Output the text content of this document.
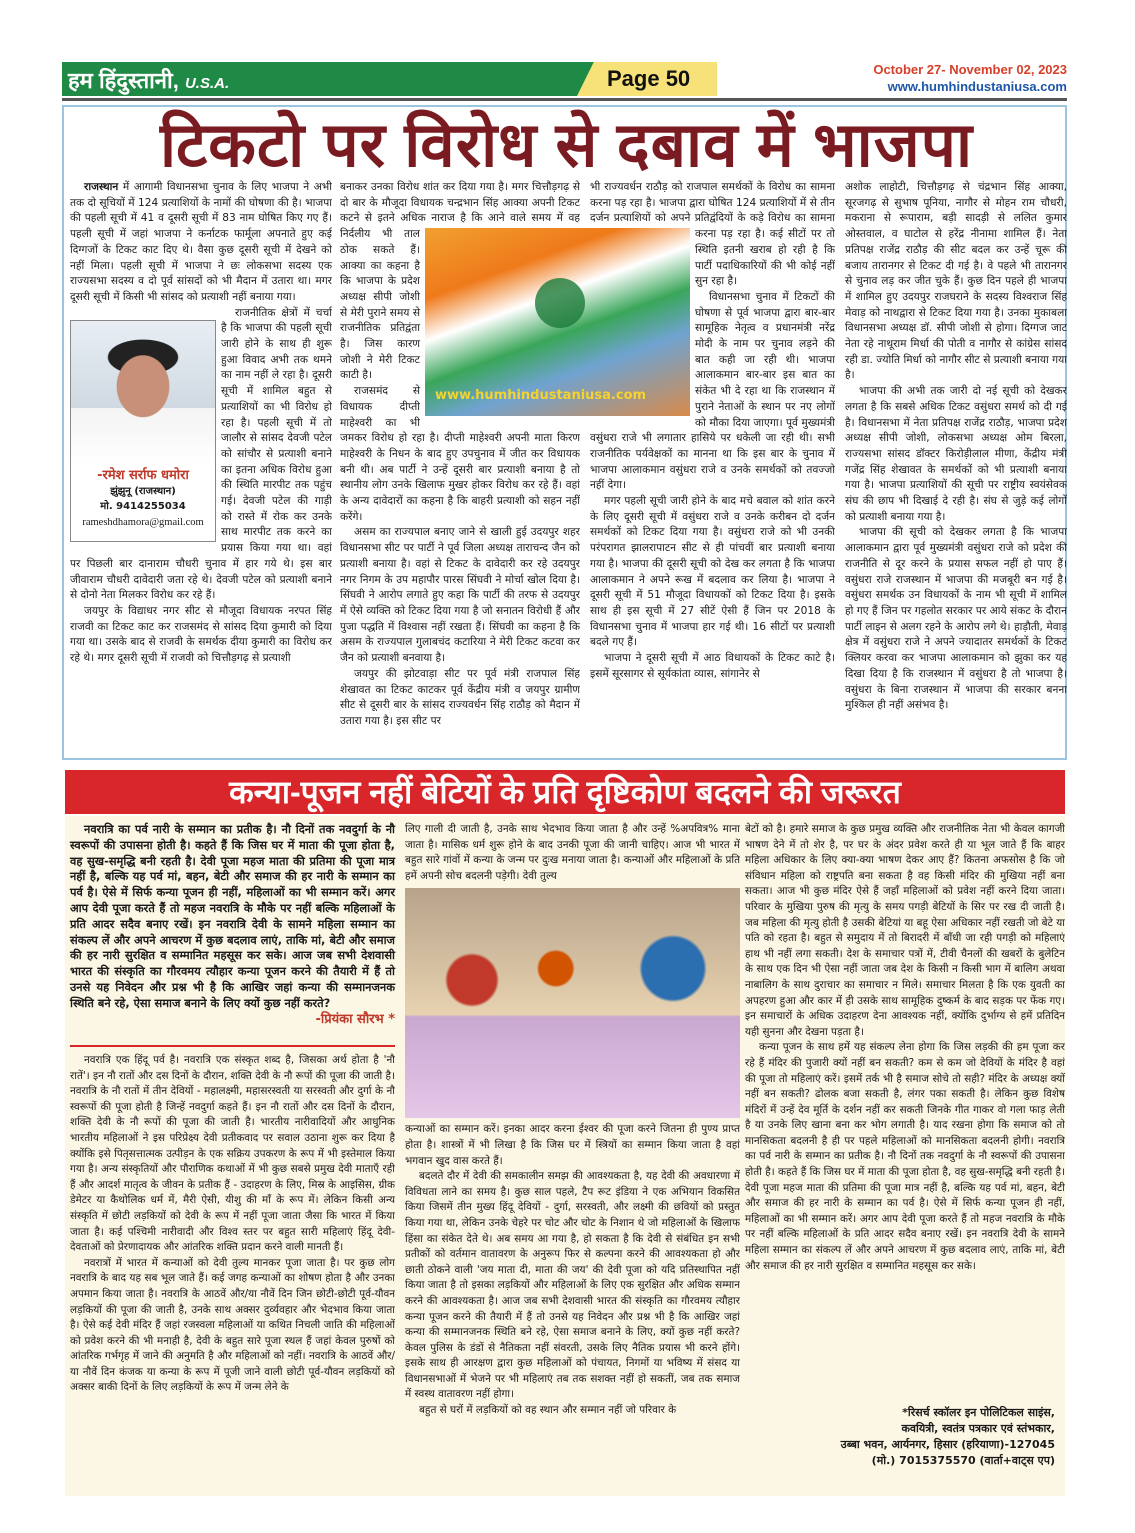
हम हिंदुस्तानी, U.S.A.	Page 50	October 27- November 02, 2023
www.humhindustaniusa.com
टिकटो पर विरोध से दबाव में भाजपा
-रमेश सर्राफ धमोरा
झुंझुनू (राजस्थान)
मो. 9414255034
rameshdhamora@gmail.com

राजस्थान में आगामी विधानसभा चुनाव के लिए भाजपा ने अभी तक दो सूचियों में 124 प्रत्याशियों के नामों की घोषणा की है। भाजपा की पहली सूची में 41 व दूसरी सूची में 83 नाम घोषित किए गए हैं। पहली सूची में जहां भाजपा ने कर्नाटक फार्मूला अपनाते हुए कई दिग्गजों के टिकट काट दिए थे। वैसा कुछ दूसरी सूची में देखने को नहीं मिला। पहली सूची में भाजपा ने छः लोकसभा सदस्य एक राज्यसभा सदस्य व दो पूर्व सांसदों को भी मैदान में उतारा था। मगर दूसरी सूची में किसी भी सांसद को प्रत्याशी नहीं बनाया गया।

राजनीतिक क्षेत्रों में चर्चा है कि भाजपा की पहली सूची जारी होने के साथ ही शुरू हुआ विवाद अभी तक थमने का नाम नहीं ले रहा है। दूसरी सूची में शामिल बहुत से प्रत्याशियों का भी विरोध हो रहा है। पहली सूची में तो जालौर से सांसद देवजी पटेल को सांचौर से प्रत्याशी बनाने का इतना अधिक विरोध हुआ की स्थिति मारपीट तक पहुंच गई। देवजी पटेल की गाड़ी को रास्ते में रोक कर उनके साथ मारपीट तक करने का प्रयास किया गया था। वहां पर पिछली बार दानाराम चौधरी चुनाव में हार गये थे। इस बार जीवाराम चौधरी दावेदारी जता रहे थे। देवजी पटेल को प्रत्याशी बनाने से दोनो नेता मिलकर विरोध कर रहे हैं।

जयपुर के विद्याधर नगर सीट से मौजूदा विधायक नरपत सिंह राजवी का टिकट काट कर राजसमंद से सांसद दिया कुमारी को दिया गया था। उसके बाद से राजवी के समर्थक दीया कुमारी का विरोध कर रहे थे। मगर दूसरी सूची में राजवी को चित्तौड़गढ़ से प्रत्याशी

बनाकर उनका विरोध शांत कर दिया गया है। मगर चित्तौड़गढ़ से दो बार के मौजूदा विधायक चन्द्रभान सिंह आक्या अपनी टिकट कटने से इतने अधिक नाराज है कि आने वाले समय में वह निर्दलीय भी ताल ठोक सकते हैं। आक्या का कहना है कि भाजपा के प्रदेश अध्यक्ष सीपी जोशी से मेरी पुराने समय से राजनीतिक प्रतिद्वंता है। जिस कारण जोशी ने मेरी टिकट काटी है।

राजसमंद से विधायक दीप्ती माहेश्वरी का भी जमकर विरोध हो रहा है। दीप्ती माहेश्वरी अपनी माता किरण माहेश्वरी के निधन के बाद हुए उपचुनाव में जीत कर विधायक बनी थी। अब पार्टी ने उन्हें दूसरी बार प्रत्याशी बनाया है तो स्थानीय लोग उनके खिलाफ मुखर होकर विरोध कर रहे हैं। वहां के अन्य दावेदारों का कहना है कि बाहरी प्रत्याशी को सहन नहीं करेंगे।

असम का राज्यपाल बनाए जाने से खाली हुई उदयपुर शहर विधानसभा सीट पर पार्टी ने पूर्व जिला अध्यक्ष ताराचन्द जैन को प्रत्याशी बनाया है। वहां से टिकट के दावेदारी कर रहे उदयपुर नगर निगम के उप महापौर पारस सिंघवी ने मोर्चा खोल दिया है। सिंघवी ने आरोप लगाते हुए कहा कि पार्टी की तरफ से उदयपुर में ऐसे व्यक्ति को टिकट दिया गया है जो सनातन विरोधी हैं और पुजा पद्धति में विश्वास नहीं रखता हैं। सिंघवी का कहना है कि असम के राज्यपाल गुलाबचंद कटारिया ने मेरी टिकट कटवा कर जैन को प्रत्याशी बनवाया है।

जयपुर की झोटवाड़ा सीट पर पूर्व मंत्री राजपाल सिंह शेखावत का टिकट काटकर पूर्व केंद्रीय मंत्री व जयपुर ग्रामीण सीट से दूसरी बार के सांसद राज्यवर्धन सिंह राठौड़ को मैदान में उतारा गया है। इस सीट पर

भी राज्यवर्धन राठौड़ को राजपाल समर्थकों के विरोध का सामना करना पड़ रहा है। भाजपा द्वारा घोषित 124 प्रत्याशियों में से तीन दर्जन प्रत्याशियों को अपने प्रतिद्वंदियों के कड़े विरोध का सामना करना पड़ रहा है। कई सीटों पर तो स्थिति इतनी खराब हो रही है कि पार्टी पदाधिकारियों की भी कोई नहीं सुन रहा है।

विधानसभा चुनाव में टिकटों की घोषणा से पूर्व भाजपा द्वारा बार-बार सामूहिक नेतृत्व व प्रधानमंत्री नरेंद्र मोदी के नाम पर चुनाव लड़ने की बात कही जा रही थी। भाजपा आलाकमान बार-बार इस बात का संकेत भी दे रहा था कि राजस्थान में पुराने नेताओं के स्थान पर नए लोगों को मौका दिया जाएगा। पूर्व मुख्यमंत्री वसुंधरा राजे भी लगातार हासिये पर धकेली जा रही थी। सभी राजनीतिक पर्यवेक्षकों का मानना था कि इस बार के चुनाव में भाजपा आलाकमान वसुंधरा राजे व उनके समर्थकों को तवज्जो नहीं देगा।

मगर पहली सूची जारी होने के बाद मचे बवाल को शांत करने के लिए दूसरी सूची में वसुंधरा राजे व उनके करीबन दो दर्जन समर्थकों को टिकट दिया गया है। वसुंधरा राजे को भी उनकी परंपरागत झालरापाटन सीट से ही पांचवीं बार प्रत्याशी बनाया गया है। भाजपा की दूसरी सूची को देख कर लगता है कि भाजपा आलाकमान ने अपने रूख में बदलाव कर लिया है। भाजपा ने दूसरी सूची में 51 मौजूदा विधायकों को टिकट दिया है। इसके साथ ही इस सूची में 27 सीटें ऐसी हैं जिन पर 2018 के विधानसभा चुनाव में भाजपा हार गई थी। 16 सीटों पर प्रत्याशी बदले गए हैं।

भाजपा ने दूसरी सूची में आठ विधायकों के टिकट काटे है। इसमें सूरसागर से सूर्यकांता व्यास, सांगानेर से

अशोक लाहोटी, चित्तौड़गढ़ से चंद्रभान सिंह आक्या, सूरजगढ़ से सुभाष पूनिया, नागौर से मोहन राम चौधरी, मकराना से रूपाराम, बड़ी सादड़ी से ललित कुमार ओस्तवाल, व घाटोल से हरेंद्र नीनामा शामिल हैं। नेता प्रतिपक्ष राजेंद्र राठौड़ की सीट बदल कर उन्हें चूरू की बजाय तारानगर से टिकट दी गई है। वे पहले भी तारानगर से चुनाव लड़ कर जीत चुके हैं। कुछ दिन पहले ही भाजपा में शामिल हुए उदयपुर राजघराने के सदस्य विश्वराज सिंह मेवाड़ को नाथद्वारा से टिकट दिया गया है। उनका मुकाबला विधानसभा अध्यक्ष डॉ. सीपी जोशी से होगा। दिग्गज जाट नेता रहे नाथूराम मिर्धा की पोती व नागौर से कांग्रेस सांसद रही डा. ज्योति मिर्धा को नागौर सीट से प्रत्याशी बनाया गया है।

भाजपा की अभी तक जारी दो नई सूची को देखकर लगता है कि सबसे अधिक टिकट वसुंधरा समर्थ को दी गई है। विधानसभा में नेता प्रतिपक्ष राजेंद्र राठौड़, भाजपा प्रदेश अध्यक्ष सीपी जोशी, लोकसभा अध्यक्ष ओम बिरला, राज्यसभा सांसद डॉक्टर किरोड़ीलाल मीणा, केंद्रीय मंत्री गजेंद्र सिंह शेखावत के समर्थकों को भी प्रत्याशी बनाया गया है। भाजपा प्रत्याशियों की सूची पर राष्ट्रीय स्वयंसेवक संघ की छाप भी दिखाई दे रही है। संघ से जुड़े कई लोगों को प्रत्याशी बनाया गया है।

भाजपा की सूची को देखकर लगता है कि भाजपा आलाकमान द्वारा पूर्व मुख्यमंत्री वसुंधरा राजे को प्रदेश की राजनीति से दूर करने के प्रयास सफल नहीं हो पाए हैं। वसुंधरा राजे राजस्थान में भाजपा की मजबूरी बन गई है। वसुंधरा समर्थक उन विधायकों के नाम भी सूची में शामिल हो गए हैं जिन पर गहलोत सरकार पर आये संकट के दौरान पार्टी लाइन से अलग रहने के आरोप लगे थे। हाड़ौती, मेवाड़ क्षेत्र में वसुंधरा राजे ने अपने ज्यादातर समर्थकों के टिकट क्लियर करवा कर भाजपा आलाकमान को झुका कर यह दिखा दिया है कि राजस्थान में वसुंधरा है तो भाजपा है। वसुंधरा के बिना राजस्थान में भाजपा की सरकार बनना मुश्किल ही नहीं असंभव है।

www.humhindustaniusa.com
कन्या-पूजन नहीं बेटियों के प्रति दृष्टिकोण बदलने की जरूरत

नवरात्रि का पर्व नारी के सम्मान का प्रतीक है। नौ दिनों तक नवदुर्गा के नौ स्वरूपों की उपासना होती है। कहते हैं कि जिस घर में माता की पूजा होता है, वह सुख-समृद्धि बनी रहती है। देवी पूजा महज माता की प्रतिमा की पूजा मात्र नहीं है, बल्कि यह पर्व मां, बहन, बेटी और समाज की हर नारी के सम्मान का पर्व है। ऐसे में सिर्फ कन्या पूजन ही नहीं, महिलाओं का भी सम्मान करें। अगर आप देवी पूजा करते हैं तो महज नवरात्रि के मौके पर नहीं बल्कि महिलाओं के प्रति आदर सदैव बनाए रखें। इन नवरात्रि देवी के सामने महिला सम्मान का संकल्प लें और अपने आचरण में कुछ बदलाव लाएं, ताकि मां, बेटी और समाज की हर नारी सुरक्षित व सम्मानित महसूस कर सके। आज जब सभी देशवासी भारत की संस्कृति का गौरवमय त्यौहार कन्या पूजन करने की तैयारी में हैं तो उनसे यह निवेदन और प्रश्न भी है कि आखिर जहां कन्या की सम्मानजनक स्थिति बने रहे, ऐसा समाज बनाने के लिए क्यों कुछ नहीं करते?

-प्रियंका सौरभ *

नवरात्रि एक हिंदू पर्व है। नवरात्रि एक संस्कृत शब्द है, जिसका अर्थ होता है 'नौ रातें'। इन नौ रातों और दस दिनों के दौरान, शक्ति देवी के नौ रूपों की पूजा की जाती है। नवरात्रि के नौ रातों में तीन देवियों - महालक्ष्मी, महासरस्वती या सरस्वती और दुर्गा के नौ स्वरूपों की पूजा होती है जिन्हें नवदुर्गा कहते हैं। इन नौ रातों और दस दिनों के दौरान, शक्ति देवी के नौ रूपों की पूजा की जाती है। भारतीय नारीवादियों और आधुनिक भारतीय महिलाओं ने इस परिप्रेक्ष्य देवी प्रतीकवाद पर सवाल उठाना शुरू कर दिया है क्योंकि इसे पितृसत्तात्मक उत्पीड़न के एक सक्रिय उपकरण के रूप में भी इस्तेमाल किया गया है। अन्य संस्कृतियों और पौराणिक कथाओं में भी कुछ सबसे प्रमुख देवी माताएँ रही हैं और आदर्श मातृत्व के जीवन के प्रतीक हैं - उदाहरण के लिए, मिस्र के आइसिस, ग्रीक डेमेटर या कैथोलिक धर्म में, मैरी ऐसी, यीशु की माँ के रूप में। लेकिन किसी अन्य संस्कृति में छोटी लड़कियों को देवी के रूप में नहीं पूजा जाता जैसा कि भारत में किया जाता है। कई पश्चिमी नारीवादी और विश्व स्तर पर बहुत सारी महिलाएं हिंदू देवी-देवताओं को प्रेरणादायक और आंतरिक शक्ति प्रदान करने वाली मानती हैं।

नवरात्रों में भारत में कन्याओं को देवी तुल्य मानकर पूजा जाता है। पर कुछ लोग नवरात्रि के बाद यह सब भूल जाते हैं। कई जगह कन्याओं का शोषण होता है और उनका अपमान किया जाता है। नवरात्रि के आठवें और/या नौवें दिन जिन छोटी-छोटी पूर्व-यौवन लड़कियों की पूजा की जाती है, उनके साथ अक्सर दुर्व्यवहार और भेदभाव किया जाता है। ऐसे कई देवी मंदिर हैं जहां रजस्वला महिलाओं या कथित निचली जाति की महिलाओं को प्रवेश करने की भी मनाही है, देवी के बहुत सारे पूजा स्थल हैं जहां केवल पुरुषों को आंतरिक गर्भगृह में जाने की अनुमति है और महिलाओं को नहीं। नवरात्रि के आठवें और/या नौवें दिन कंजक या कन्या के रूप में पूजी जाने वाली छोटी पूर्व-यौवन लड़कियों को अक्सर बाकी दिनों के लिए लड़कियों के रूप में जन्म लेने के

लिए गाली दी जाती है, उनके साथ भेदभाव किया जाता है और उन्हें %अपवित्र% माना जाता है। मासिक धर्म शुरू होने के बाद उनकी पूजा की जानी चाहिए। आज भी भारत में बहुत सारे गांवों में कन्या के जन्म पर दुःख मनाया जाता है। कन्याओं और महिलाओं के प्रति हमें अपनी सोच बदलनी पड़ेगी। देवी तुल्य

कन्याओं का सम्मान करें। इनका आदर करना ईश्वर की पूजा करने जितना ही पुण्य प्राप्त होता है। शास्त्रों में भी लिखा है कि जिस घर में स्त्रियों का सम्मान किया जाता है वहां भगवान खुद वास करते हैं।

बदलते दौर में देवी की समकालीन समझ की आवश्यकता है, यह देवी की अवधारणा में विविधता लाने का समय है। कुछ साल पहले, टैप रूट इंडिया ने एक अभियान विकसित किया जिसमें तीन मुख्य हिंदू देवियों - दुर्गा, सरस्वती, और लक्ष्मी की छवियों को प्रस्तुत किया गया था, लेकिन उनके चेहरे पर चोट और चोट के निशान थे जो महिलाओं के खिलाफ हिंसा का संकेत देते थे। अब समय आ गया है, हो सकता है कि देवी से संबंधित इन सभी प्रतीकों को वर्तमान वातावरण के अनुरूप फिर से कल्पना करने की आवश्यकता हो और छाती ठोकने वाली 'जय माता दी, माता की जय' की देवी पूजा को यदि प्रतिस्थापित नहीं किया जाता है तो इसका लड़कियों और महिलाओं के लिए एक सुरक्षित और अधिक सम्मान करने की आवश्यकता है। आज जब सभी देशवासी भारत की संस्कृति का गौरवमय त्यौहार कन्या पूजन करने की तैयारी में हैं तो उनसे यह निवेदन और प्रश्न भी है कि आखिर जहां कन्या की सम्मानजनक स्थिति बने रहे, ऐसा समाज बनाने के लिए, क्यों कुछ नहीं करते? केवल पुलिस के डंडों से नैतिकता नहीं संवरती, उसके लिए नैतिक प्रयास भी करने होंगे। इसके साथ ही आरक्षण द्वारा कुछ महिलाओं को पंचायत, निगमों या भविष्य में संसद या विधानसभाओं में भेजने पर भी महिलाएं तब तक सशक्त नहीं हो सकतीं, जब तक समाज में स्वस्थ वातावरण नहीं होगा।

बहुत से घरों में लड़कियों को वह स्थान और सम्मान नहीं जो परिवार के

बेटों को है। हमारे समाज के कुछ प्रमुख व्यक्ति और राजनीतिक नेता भी केवल कागजी भाषण देने में तो शेर है, पर घर के अंदर प्रवेश करते ही या भूल जाते हैं कि बाहर महिला अधिकार के लिए क्या-क्या भाषण देकर आए हैं? कितना अफसोस है कि जो संविधान महिला को राष्ट्रपति बना सकता है वह किसी मंदिर की मुखिया नहीं बना सकता। आज भी कुछ मंदिर ऐसे हैं जहाँ महिलाओं को प्रवेश नहीं करने दिया जाता। परिवार के मुखिया पुरुष की मृत्यु के समय पगड़ी बेटियों के सिर पर रख दी जाती है। जब महिला की मृत्यु होती है उसकी बेटियां या बहू ऐसा अधिकार नहीं रखती जो बेटे या पति को रहता है। बहुत से समुदाय में तो बिरादरी में बाँधी जा रही पगड़ी को महिलाएं हाथ भी नहीं लगा सकती। देश के समाचार पत्रों में, टीवी चैनलों की खबरों के बुलेटिन के साथ एक दिन भी ऐसा नहीं जाता जब देश के किसी न किसी भाग में बालिग अथवा नाबालिग के साथ दुराचार का समाचार न मिले। समाचार मिलता है कि एक युवती का अपहरण हुआ और कार में ही उसके साथ सामूहिक दुष्कर्म के बाद सड़क पर फेंक गए। इन समाचारों के अधिक उदाहरण देना आवश्यक नहीं, क्योंकि दुर्भाग्य से हमें प्रतिदिन यही सुनना और देखना पड़ता है।

कन्या पूजन के साथ हमें यह संकल्प लेना होगा कि जिस लड़की की हम पूजा कर रहे हैं मंदिर की पुजारी क्यों नहीं बन सकती? कम से कम जो देवियों के मंदिर है वहां की पूजा तो महिलाएं करें। इसमें तर्क भी है समाज सोचे तो सही? मंदिर के अध्यक्ष क्यों नहीं बन सकती? ढोलक बजा सकती है, लंगर पका सकती है। लेकिन कुछ विशेष मंदिरों में उन्हें देव मूर्ति के दर्शन नहीं कर सकती जिनके गीत गाकर वो गला फाड़ लेती है या उनके लिए खाना बना कर भोग लगाती है। याद रखना होगा कि समाज को तो मानसिकता बदलनी है ही पर पहले महिलाओं को मानसिकता बदलनी होगी। नवरात्रि का पर्व नारी के सम्मान का प्रतीक है। नौ दिनों तक नवदुर्गा के नौ स्वरूपों की उपासना होती है। कहते हैं कि जिस घर में माता की पूजा होता है, वह सुख-समृद्धि बनी रहती है। देवी पूजा महज माता की प्रतिमा की पूजा मात्र नहीं है, बल्कि यह पर्व मां, बहन, बेटी और समाज की हर नारी के सम्मान का पर्व है। ऐसे में सिर्फ कन्या पूजन ही नहीं, महिलाओं का भी सम्मान करें। अगर आप देवी पूजा करते हैं तो महज नवरात्रि के मौके पर नहीं बल्कि महिलाओं के प्रति आदर सदैव बनाए रखें। इन नवरात्रि देवी के सामने महिला सम्मान का संकल्प लें और अपने आचरण में कुछ बदलाव लाएं, ताकि मां, बेटी और समाज की हर नारी सुरक्षित व सम्मानित महसूस कर सके।

*रिसर्च स्कॉलर इन पोलिटिकल साइंस,
कवयित्री, स्वतंत्र पत्रकार एवं स्तंभकार,
उब्बा भवन, आर्यनगर, हिसार (हरियाणा)-127045
(मो.) 7015375570 (वार्ता+वाट्स एप)
